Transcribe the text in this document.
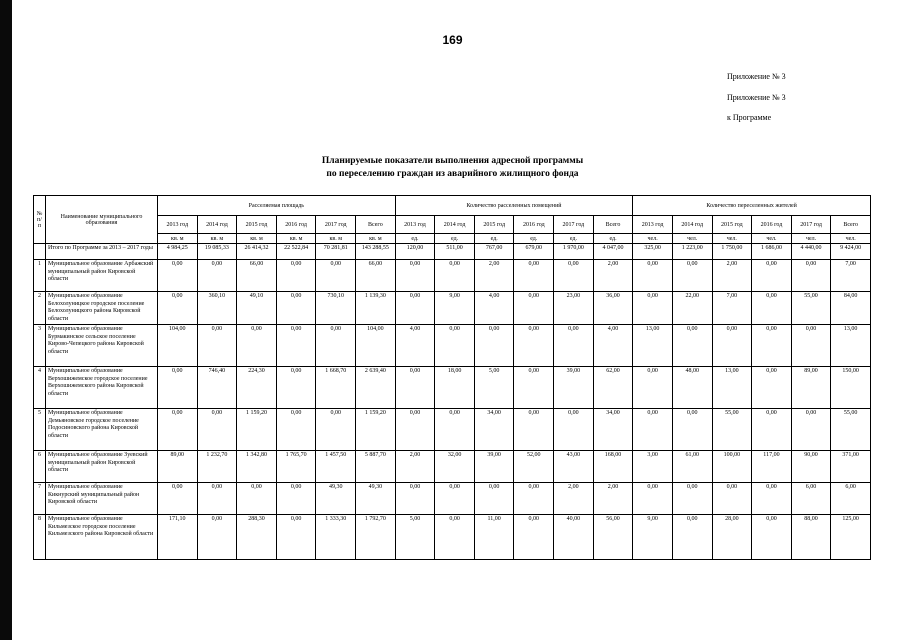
169
Приложение № 3
Приложение № 3
к Программе
Планируемые показатели выполнения адресной программы
по переселению граждан из аварийного жилищного фонда
№ п/п	Наименование муниципального образования	Расселяемая площадь						Количество расселенных помещений						Количество переселенных жителей					
		2013 год	2014 год	2015 год	2016 год	2017 год	Всего	2013 год	2014 год	2015 год	2016 год	2017 год	Всего	2013 год	2014 год	2015 год	2016 год	2017 год	Всего
		кв. м	кв. м	кв. м	кв. м	кв. м	кв. м	ед.	ед.	ед.	ед.	ед.	ед.	чел.	чел.	чел.	чел.	чел.	чел.
	Итого по Программе за 2013 – 2017 годы	4 984,25	19 085,33	26 414,32	22 522,84	70 281,81	143 288,55	120,00	511,00	767,00	679,00	1 970,00	4 047,00	325,00	1 223,00	1 750,00	1 686,00	4 440,00	9 424,00
1	Муниципальное образование Арбажский муниципальный район Кировской области	0,00	0,00	66,00	0,00	0,00	66,00	0,00	0,00	2,00	0,00	0,00	2,00	0,00	0,00	2,00	0,00	0,00	7,00
2	Муниципальное образование Белохолуницкое городское поселение Белохолуницкого района Кировской области	0,00	360,10	49,10	0,00	730,10	1 139,30	0,00	9,00	4,00	0,00	23,00	36,00	0,00	22,00	7,00	0,00	55,00	84,00
3	Муниципальное образование Бурмакинское сельское поселение Кирово-Чепецкого района Кировской области	104,00	0,00	0,00	0,00	0,00	104,00	4,00	0,00	0,00	0,00	0,00	4,00	13,00	0,00	0,00	0,00	0,00	13,00
4	Муниципальное образование Верхошижемское городское поселение Верхошижемского района Кировской области	0,00	746,40	224,30	0,00	1 668,70	2 639,40	0,00	18,00	5,00	0,00	39,00	62,00	0,00	48,00	13,00	0,00	89,00	150,00
5	Муниципальное образование Демьяновское городское поселение Подосиновского района Кировской области	0,00	0,00	1 159,20	0,00	0,00	1 159,20	0,00	0,00	34,00	0,00	0,00	34,00	0,00	0,00	55,00	0,00	0,00	55,00
6	Муниципальное образование Зуевский муниципальный район Кировской области	89,00	1 232,70	1 342,80	1 765,70	1 457,50	5 887,70	2,00	32,00	39,00	52,00	43,00	168,00	3,00	61,00	100,00	117,00	90,00	371,00
7	Муниципальное образование Кикнурский муниципальный район Кировской области	0,00	0,00	0,00	0,00	49,30	49,30	0,00	0,00	0,00	0,00	2,00	2,00	0,00	0,00	0,00	0,00	6,00	6,00
8	Муниципальное образование Кильмезское городское поселение Кильмезского района Кировской области	171,10	0,00	288,30	0,00	1 333,30	1 792,70	5,00	0,00	11,00	0,00	40,00	56,00	9,00	0,00	28,00	0,00	88,00	125,00
